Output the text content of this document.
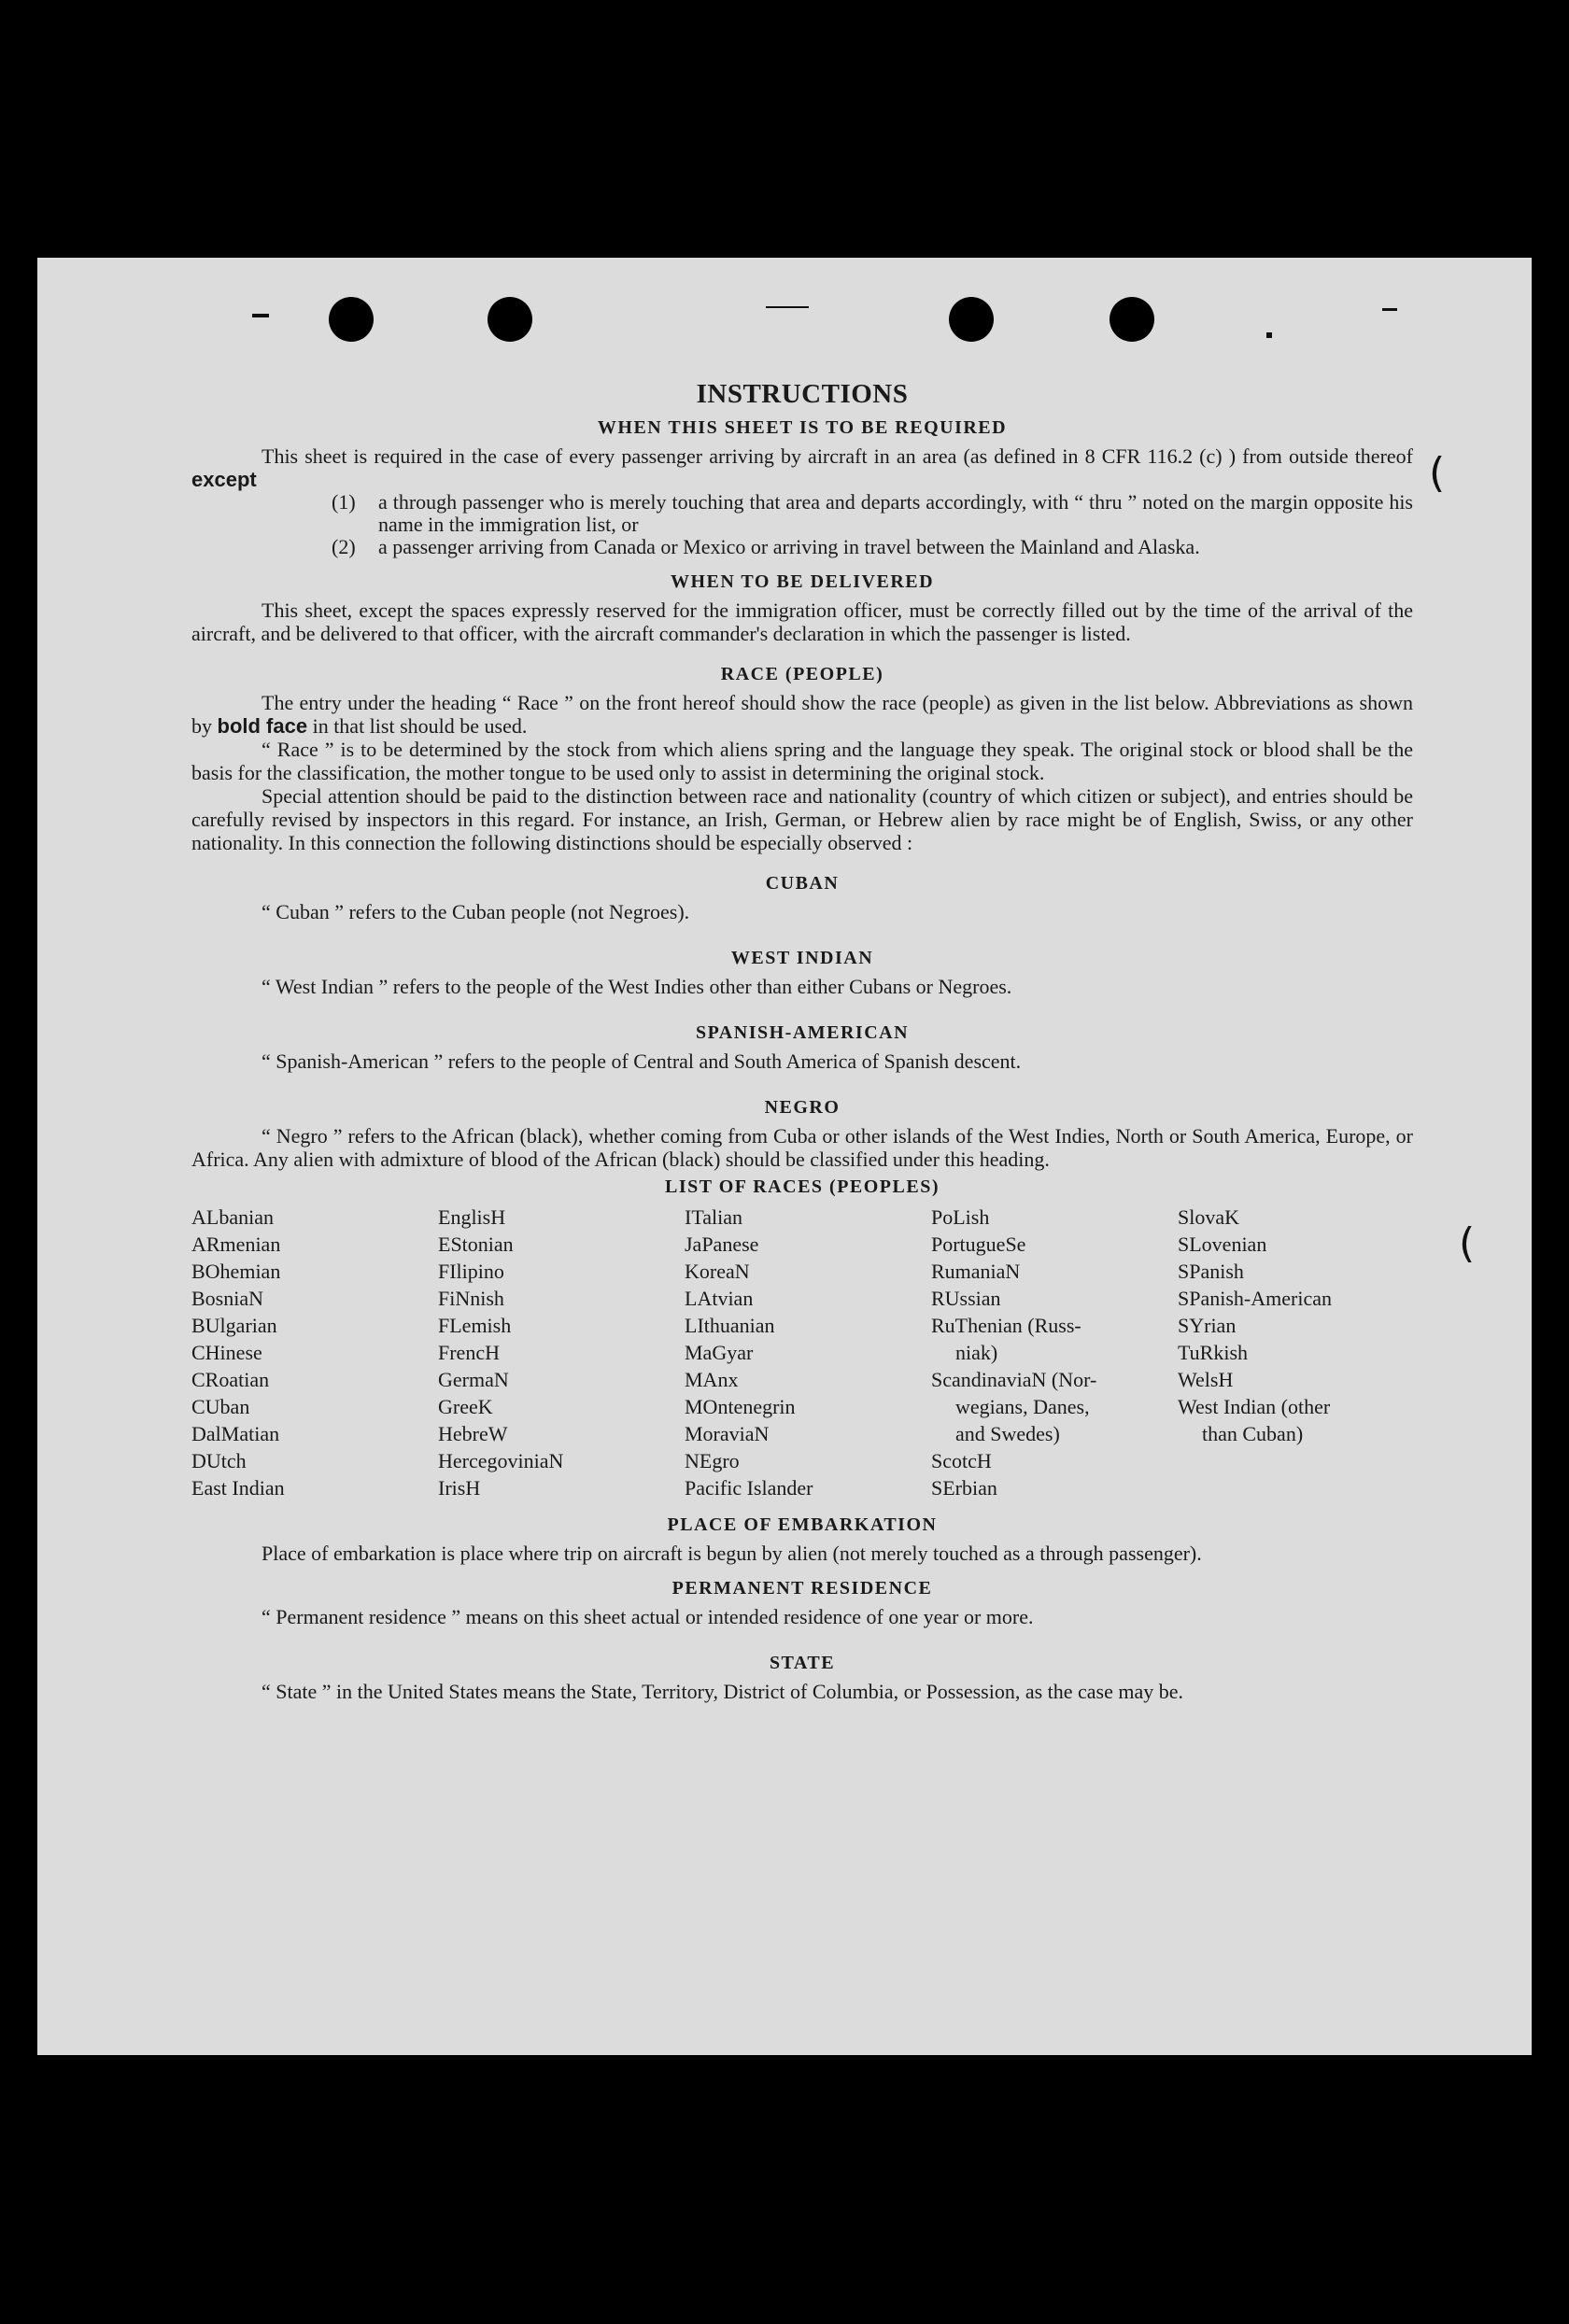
(
(
INSTRUCTIONS
WHEN THIS SHEET IS TO BE REQUIRED

This sheet is required in the case of every passenger arriving by aircraft in an area (as defined in 8 CFR 116.2 (c) ) from outside thereof except

(1)	a through passenger who is merely touching that area and departs accordingly, with “ thru ” noted on the margin opposite his name in the immigration list, or
(2)	a passenger arriving from Canada or Mexico or arriving in travel between the Mainland and Alaska.
WHEN TO BE DELIVERED

This sheet, except the spaces expressly reserved for the immigration officer, must be correctly filled out by the time of the arrival of the aircraft, and be delivered to that officer, with the aircraft commander's declaration in which the passenger is listed.

RACE (PEOPLE)

The entry under the heading “ Race ” on the front hereof should show the race (people) as given in the list below. Abbreviations as shown by bold face in that list should be used.

“ Race ” is to be determined by the stock from which aliens spring and the language they speak. The original stock or blood shall be the basis for the classification, the mother tongue to be used only to assist in determining the original stock.

Special attention should be paid to the distinction between race and nationality (country of which citizen or subject), and entries should be carefully revised by inspectors in this regard. For instance, an Irish, German, or Hebrew alien by race might be of English, Swiss, or any other nationality. In this connection the following distinctions should be especially observed :

CUBAN

“ Cuban ” refers to the Cuban people (not Negroes).

WEST INDIAN

“ West Indian ” refers to the people of the West Indies other than either Cubans or Negroes.

SPANISH-AMERICAN

“ Spanish-American ” refers to the people of Central and South America of Spanish descent.

NEGRO

“ Negro ” refers to the African (black), whether coming from Cuba or other islands of the West Indies, North or South America, Europe, or Africa. Any alien with admixture of blood of the African (black) should be classified under this heading.

LIST OF RACES (PEOPLES)
ALbanian
ARmenian
BOhemian
BosniaN
BUlgarian
CHinese
CRoatian
CUban
DalMatian
DUtch
East Indian
EnglisH
EStonian
FIlipino
FiNnish
FLemish
FrencH
GermaN
GreeK
HebreW
HercegoviniaN
IrisH
ITalian
JaPanese
KoreaN
LAtvian
LIthuanian
MaGyar
MAnx
MOntenegrin
MoraviaN
NEgro
Pacific Islander
PoLish
PortugueSe
RumaniaN
RUssian
RuThenian (Russ-
niak)
ScandinaviaN (Nor-
wegians, Danes,
and Swedes)
ScotcH
SErbian
SlovaK
SLovenian
SPanish
SPanish-American
SYrian
TuRkish
WelsH
West Indian (other
than Cuban)
PLACE OF EMBARKATION

Place of embarkation is place where trip on aircraft is begun by alien (not merely touched as a through passenger).

PERMANENT RESIDENCE

“ Permanent residence ” means on this sheet actual or intended residence of one year or more.

STATE

“ State ” in the United States means the State, Territory, District of Columbia, or Possession, as the case may be.
